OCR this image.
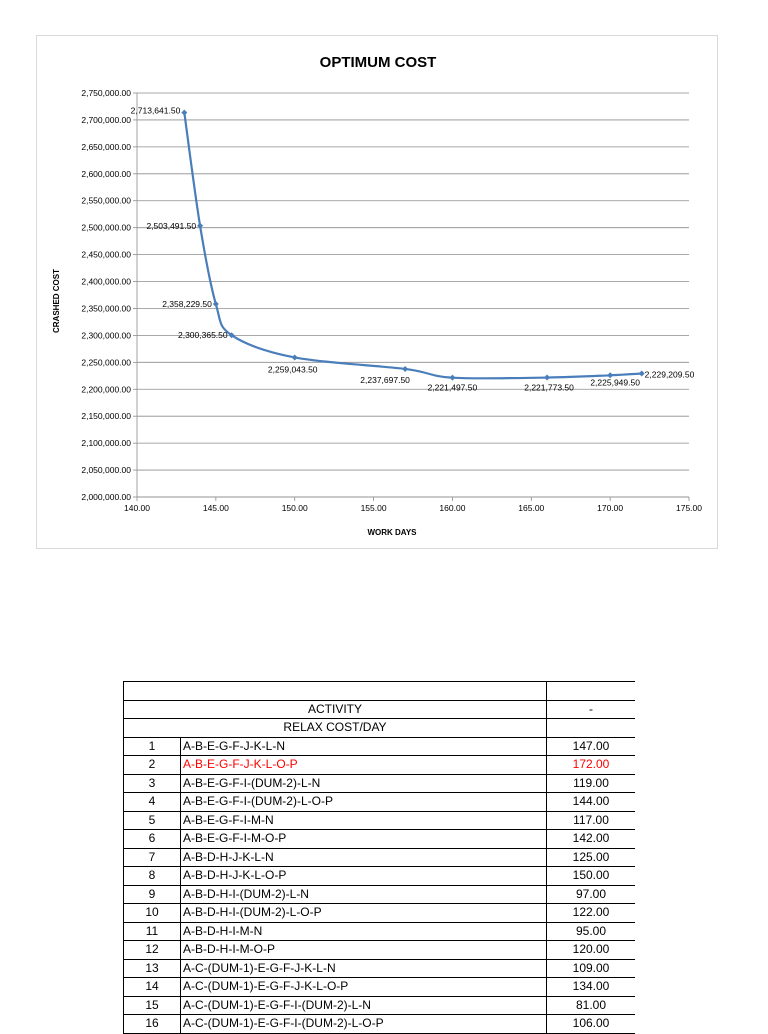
OPTIMUM COST
2,000,000.00
2,050,000.00
2,100,000.00
2,150,000.00
2,200,000.00
2,250,000.00
2,300,000.00
2,350,000.00
2,400,000.00
2,450,000.00
2,500,000.00
2,550,000.00
2,600,000.00
2,650,000.00
2,700,000.00
2,750,000.00
140.00	145.00	150.00	155.00	160.00	165.00	170.00	175.00
2,713,641.50
2,503,491.50
2,358,229.50
2,300,365.50
2,259,043.50
2,237,697.50
2,221,497.50	2,221,773.50
2,225,949.50
2,229,209.50
WORK DAYS
CRASHED COST

ACTIVITY		-
RELAX COST/DAY		
1	A-B-E-G-F-J-K-L-N	147.00
2	A-B-E-G-F-J-K-L-O-P	172.00
3	A-B-E-G-F-I-(DUM-2)-L-N	119.00
4	A-B-E-G-F-I-(DUM-2)-L-O-P	144.00
5	A-B-E-G-F-I-M-N	117.00
6	A-B-E-G-F-I-M-O-P	142.00
7	A-B-D-H-J-K-L-N	125.00
8	A-B-D-H-J-K-L-O-P	150.00
9	A-B-D-H-I-(DUM-2)-L-N	97.00
10	A-B-D-H-I-(DUM-2)-L-O-P	122.00
11	A-B-D-H-I-M-N	95.00
12	A-B-D-H-I-M-O-P	120.00
13	A-C-(DUM-1)-E-G-F-J-K-L-N	109.00
14	A-C-(DUM-1)-E-G-F-J-K-L-O-P	134.00
15	A-C-(DUM-1)-E-G-F-I-(DUM-2)-L-N	81.00
16	A-C-(DUM-1)-E-G-F-I-(DUM-2)-L-O-P	106.00
